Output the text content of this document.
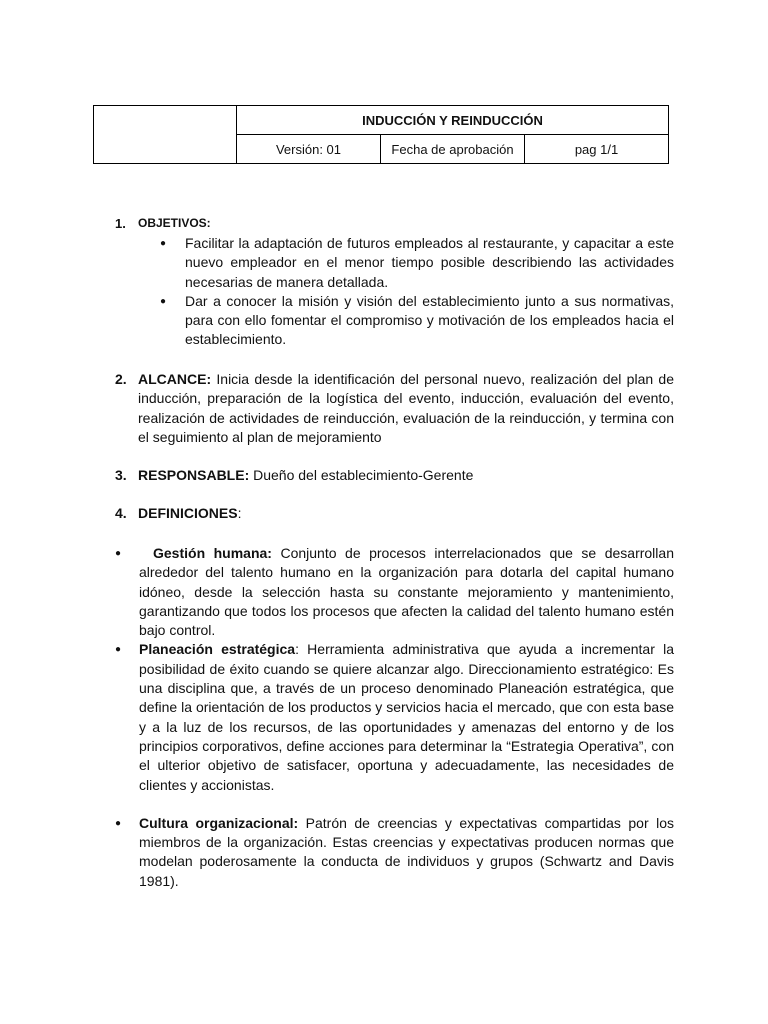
	INDUCCIÓN Y REINDUCCIÓN		
	Versión: 01	Fecha de aprobación	pag 1/1
1. OBJETIVOS:
● Facilitar la adaptación de futuros empleados al restaurante, y capacitar a este nuevo empleador en el menor tiempo posible describiendo las actividades necesarias de manera detallada.
● Dar a conocer la misión y visión del establecimiento junto a sus normativas, para con ello fomentar el compromiso y motivación de los empleados hacia el establecimiento.
2. ALCANCE: Inicia desde la identificación del personal nuevo, realización del plan de inducción, preparación de la logística del evento, inducción, evaluación del evento, realización de actividades de reinducción, evaluación de la reinducción, y termina con el seguimiento al plan de mejoramiento
3. RESPONSABLE: Dueño del establecimiento-Gerente
4. DEFINICIONES:
● Gestión humana: Conjunto de procesos interrelacionados que se desarrollan alrededor del talento humano en la organización para dotarla del capital humano idóneo, desde la selección hasta su constante mejoramiento y mantenimiento, garantizando que todos los procesos que afecten la calidad del talento humano estén bajo control.
● Planeación estratégica: Herramienta administrativa que ayuda a incrementar la posibilidad de éxito cuando se quiere alcanzar algo. Direccionamiento estratégico: Es una disciplina que, a través de un proceso denominado Planeación estratégica, que define la orientación de los productos y servicios hacia el mercado, que con esta base y a la luz de los recursos, de las oportunidades y amenazas del entorno y de los principios corporativos, define acciones para determinar la “Estrategia Operativa”, con el ulterior objetivo de satisfacer, oportuna y adecuadamente, las necesidades de clientes y accionistas.
● Cultura organizacional: Patrón de creencias y expectativas compartidas por los miembros de la organización. Estas creencias y expectativas producen normas que modelan poderosamente la conducta de individuos y grupos (Schwartz and Davis 1981).
